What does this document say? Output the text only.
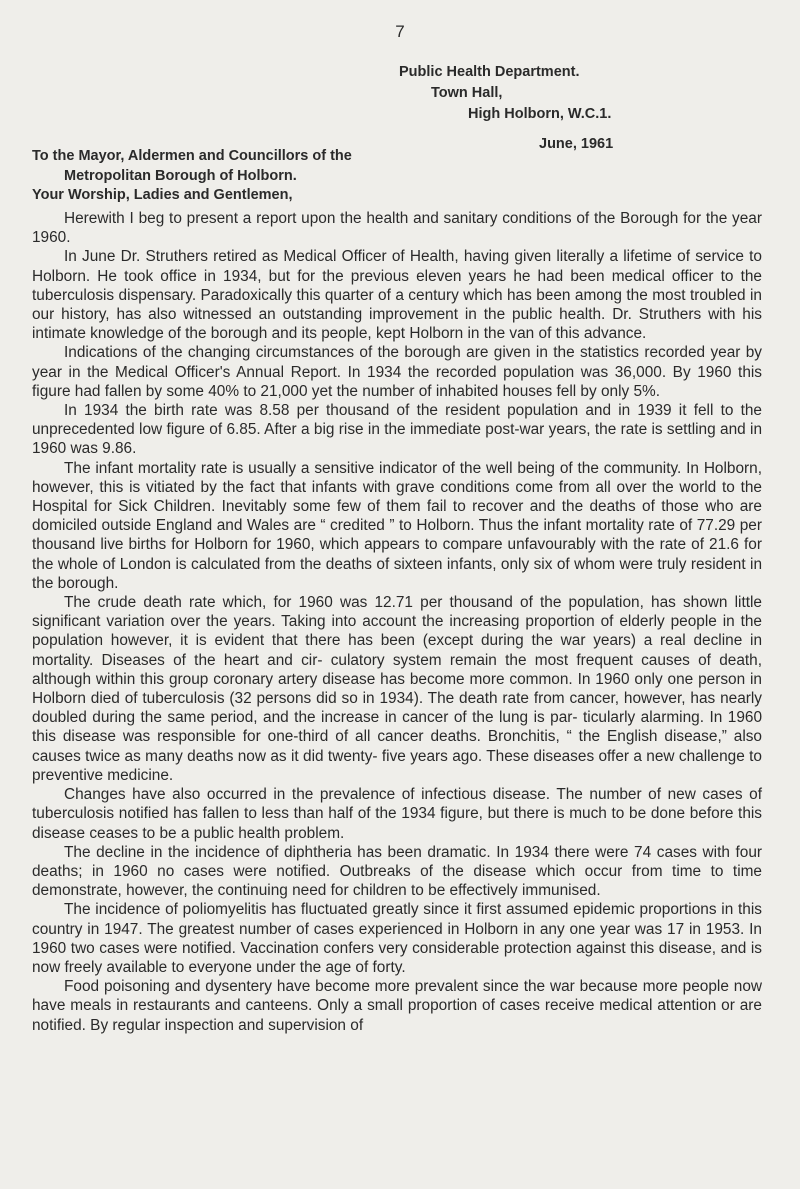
7
Public Health Department.
Town Hall,
High Holborn, W.C.1.
June, 1961
To the Mayor, Aldermen and Councillors of the
Metropolitan Borough of Holborn.
Your Worship, Ladies and Gentlemen,

Herewith I beg to present a report upon the health and sanitary conditions of the Borough for the year 1960.

In June Dr. Struthers retired as Medical Officer of Health, having given literally a lifetime of service to Holborn. He took office in 1934, but for the previous eleven years he had been medical officer to the tuberculosis dispensary. Paradoxically this quarter of a century which has been among the most troubled in our history, has also witnessed an outstanding improvement in the public health. Dr. Struthers with his intimate knowledge of the borough and its people, kept Holborn in the van of this advance.

Indications of the changing circumstances of the borough are given in the statistics recorded year by year in the Medical Officer's Annual Report. In 1934 the recorded population was 36,000. By 1960 this figure had fallen by some 40% to 21,000 yet the number of inhabited houses fell by only 5%.

In 1934 the birth rate was 8.58 per thousand of the resident population and in 1939 it fell to the unprecedented low figure of 6.85. After a big rise in the immediate post-war years, the rate is settling and in 1960 was 9.86.

The infant mortality rate is usually a sensitive indicator of the well being of the community. In Holborn, however, this is vitiated by the fact that infants with grave conditions come from all over the world to the Hospital for Sick Children. Inevitably some few of them fail to recover and the deaths of those who are domiciled outside England and Wales are “ credited ” to Holborn. Thus the infant mortality rate of 77.29 per thousand live births for Holborn for 1960, which appears to compare unfavourably with the rate of 21.6 for the whole of London is calculated from the deaths of sixteen infants, only six of whom were truly resident in the borough.

The crude death rate which, for 1960 was 12.71 per thousand of the population, has shown little significant variation over the years. Taking into account the increasing proportion of elderly people in the population however, it is evident that there has been (except during the war years) a real decline in mortality. Diseases of the heart and cir- culatory system remain the most frequent causes of death, although within this group coronary artery disease has become more common. In 1960 only one person in Holborn died of tuberculosis (32 persons did so in 1934). The death rate from cancer, however, has nearly doubled during the same period, and the increase in cancer of the lung is par- ticularly alarming. In 1960 this disease was responsible for one-third of all cancer deaths. Bronchitis, “ the English disease,” also causes twice as many deaths now as it did twenty- five years ago. These diseases offer a new challenge to preventive medicine.

Changes have also occurred in the prevalence of infectious disease. The number of new cases of tuberculosis notified has fallen to less than half of the 1934 figure, but there is much to be done before this disease ceases to be a public health problem.

The decline in the incidence of diphtheria has been dramatic. In 1934 there were 74 cases with four deaths; in 1960 no cases were notified. Outbreaks of the disease which occur from time to time demonstrate, however, the continuing need for children to be effectively immunised.

The incidence of poliomyelitis has fluctuated greatly since it first assumed epidemic proportions in this country in 1947. The greatest number of cases experienced in Holborn in any one year was 17 in 1953. In 1960 two cases were notified. Vaccination confers very considerable protection against this disease, and is now freely available to everyone under the age of forty.

Food poisoning and dysentery have become more prevalent since the war because more people now have meals in restaurants and canteens. Only a small proportion of cases receive medical attention or are notified. By regular inspection and supervision of
